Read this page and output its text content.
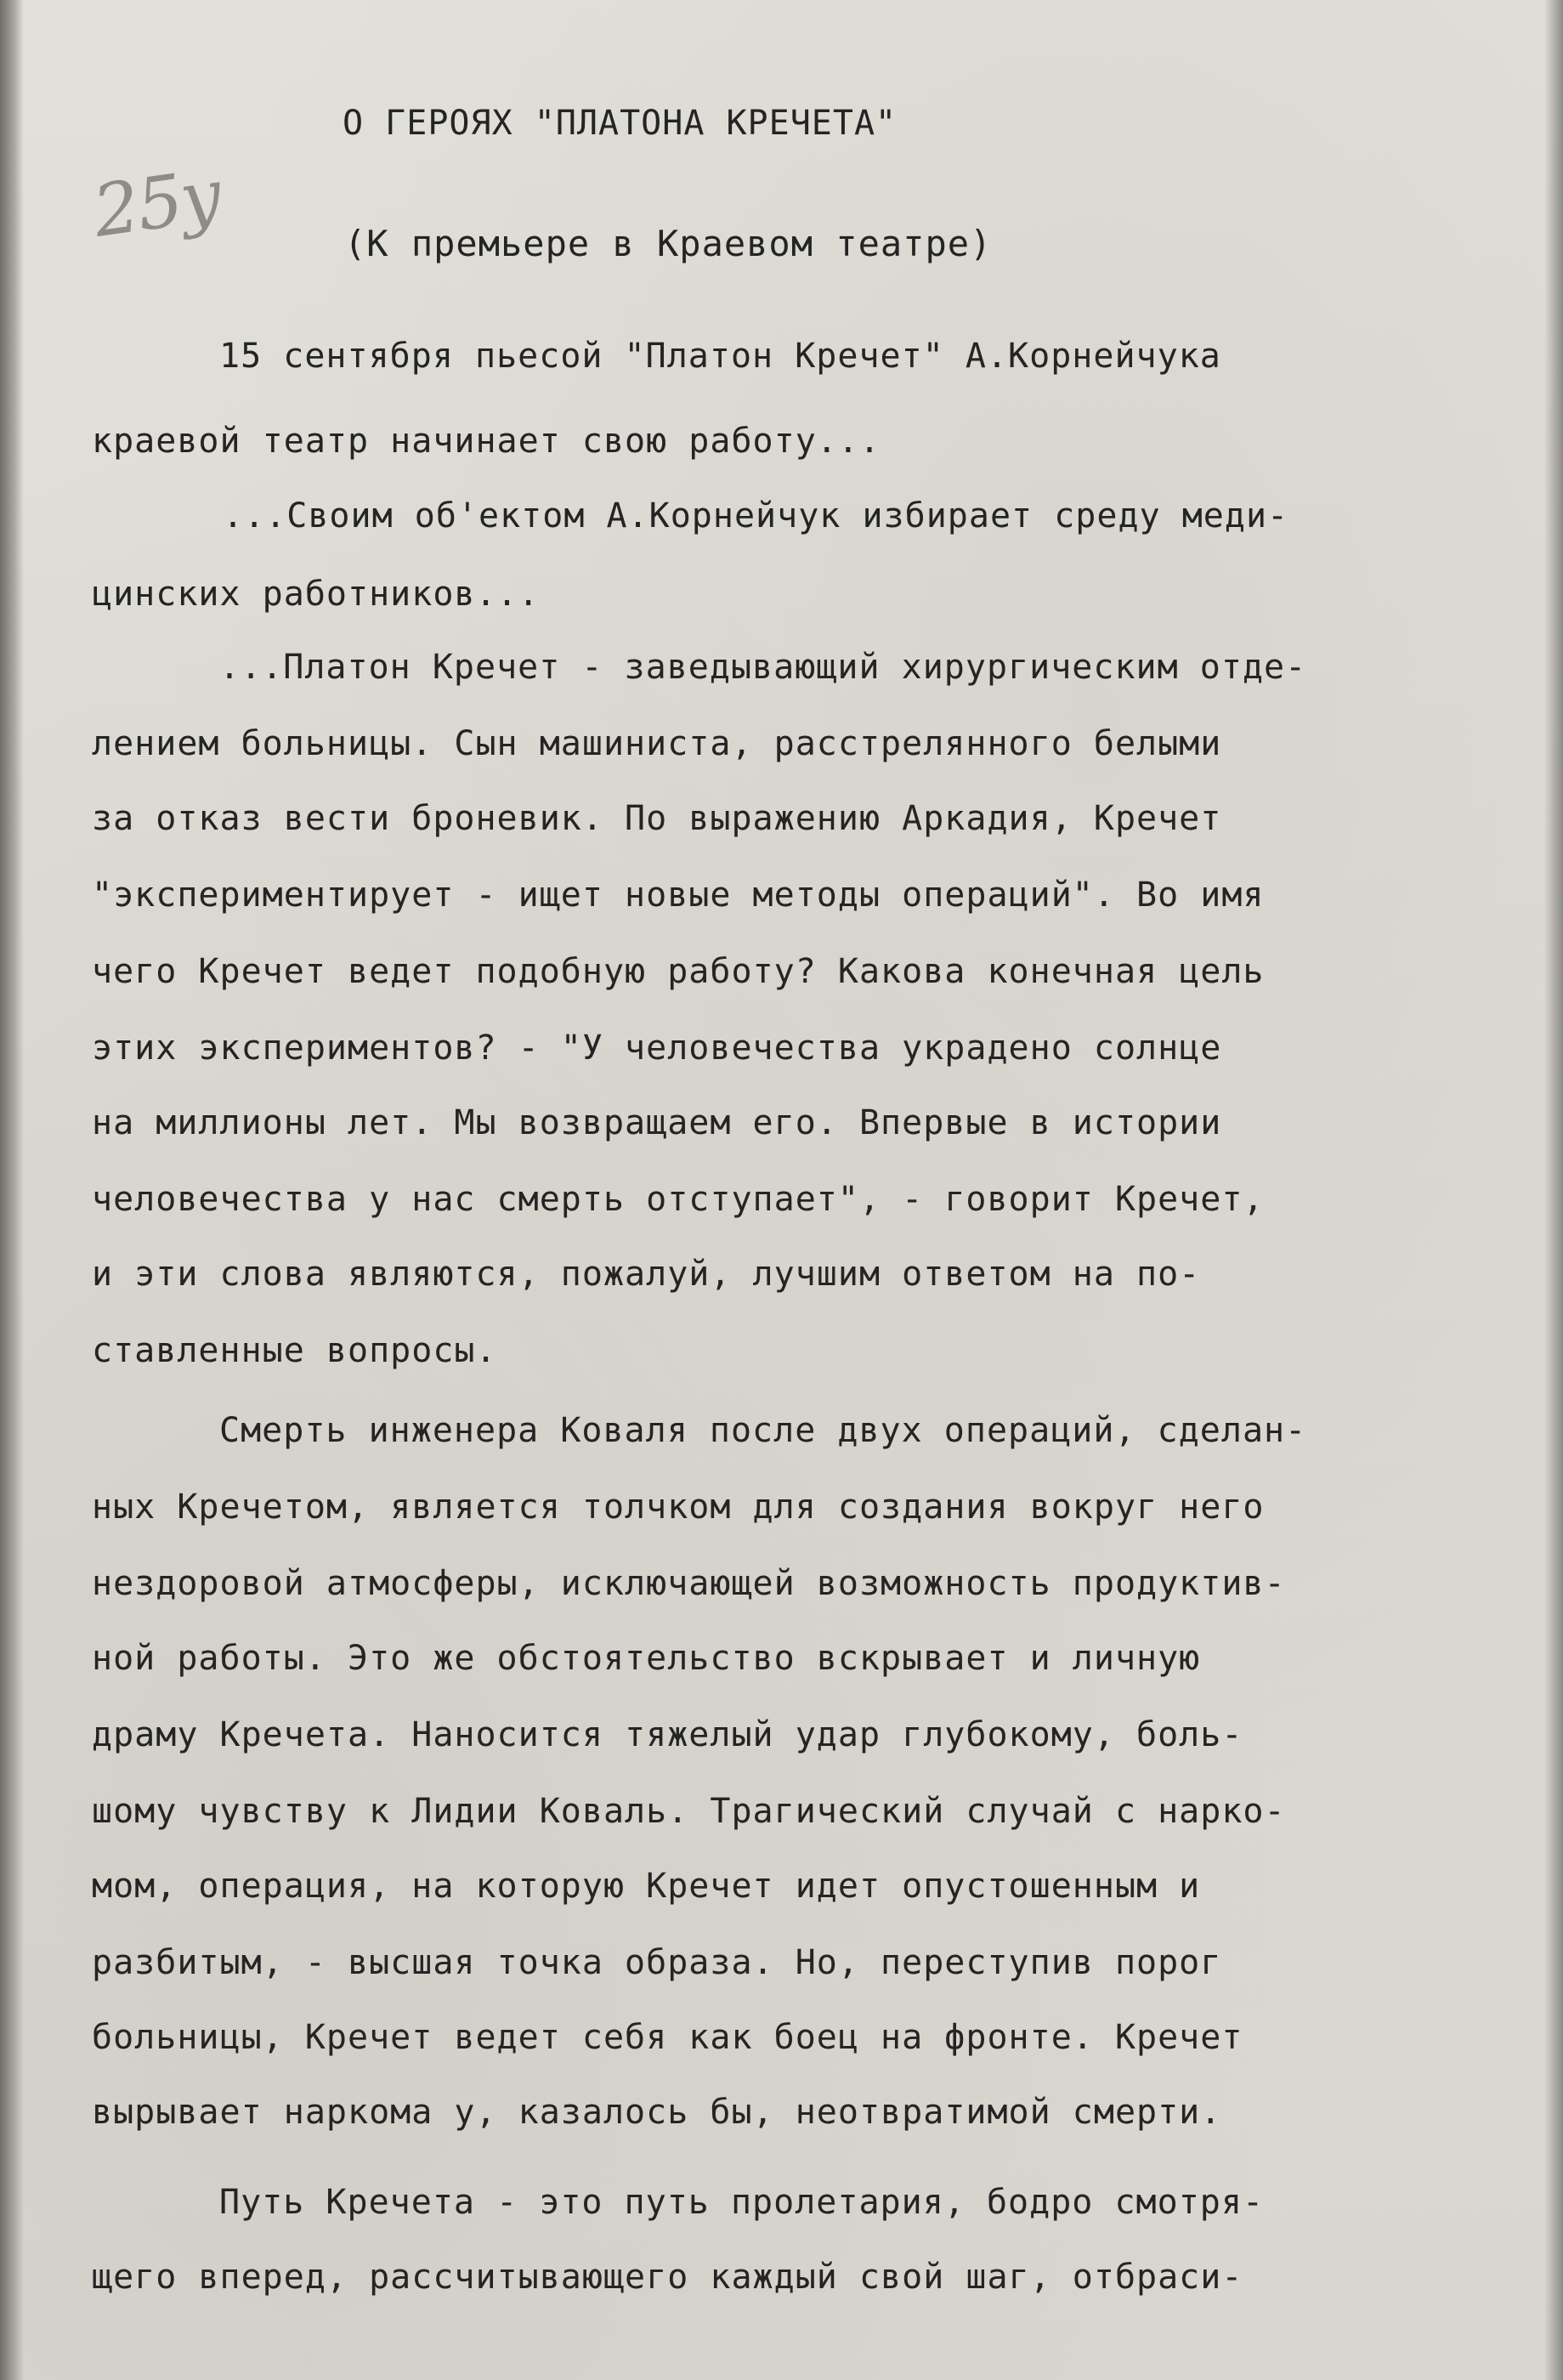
25у

О ГЕРОЯХ "ПЛАТОНА КРЕЧЕТА"

(К премьере в Краевом театре)

15 сентября пьесой "Платон Кречет" А.Корнейчука

краевой театр начинает свою работу...

...Своим об'ектом А.Корнейчук избирает среду меди-

цинских работников...

...Платон Кречет - заведывающий хирургическим отде-

лением больницы. Сын машиниста, расстрелянного белыми

за отказ вести броневик. По выражению Аркадия, Кречет

"экспериментирует - ищет новые методы операций". Во имя

чего Кречет ведет подобную работу? Какова конечная цель

этих экспериментов? - "У человечества украдено солнце

на миллионы лет. Мы возвращаем его. Впервые в истории

человечества у нас смерть отступает", - говорит Кречет,

и эти слова являются, пожалуй, лучшим ответом на по-

ставленные вопросы.

Смерть инженера Коваля после двух операций, сделан-

ных Кречетом, является толчком для создания вокруг него

нездоровой атмосферы, исключающей возможность продуктив-

ной работы. Это же обстоятельство вскрывает и личную

драму Кречета. Наносится тяжелый удар глубокому, боль-

шому чувству к Лидии Коваль. Трагический случай с нарко-

мом, операция, на которую Кречет идет опустошенным и

разбитым, - высшая точка образа. Но, переступив порог

больницы, Кречет ведет себя как боец на фронте. Кречет

вырывает наркома у, казалось бы, неотвратимой смерти.

Путь Кречета - это путь пролетария, бодро смотря-

щего вперед, рассчитывающего каждый свой шаг, отбраси-
